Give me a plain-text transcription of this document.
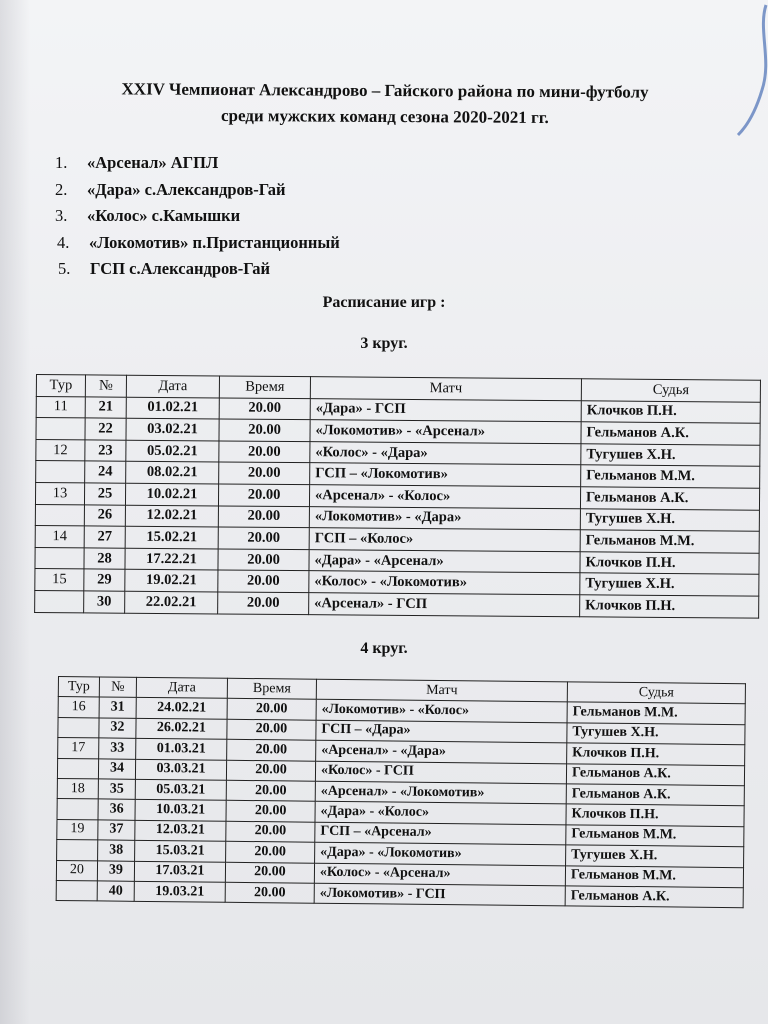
XXIV Чемпионат Александрово – Гайского района по мини-футболу
среди мужских команд сезона 2020-2021 гг.
1.	«Арсенал» АГПЛ
2.	«Дара» с.Александров-Гай
3.	«Колос» с.Камышки
4.	«Локомотив» п.Пристанционный
5.	ГСП с.Александров-Гай
Расписание игр :
3 круг.
Тур	№	Дата	Время	Матч	Судья
11	21	01.02.21	20.00	«Дара» - ГСП	Клочков П.Н.
	22	03.02.21	20.00	«Локомотив» - «Арсенал»	Гельманов А.К.
12	23	05.02.21	20.00	«Колос» - «Дара»	Тугушев Х.Н.
	24	08.02.21	20.00	ГСП – «Локомотив»	Гельманов М.М.
13	25	10.02.21	20.00	«Арсенал» - «Колос»	Гельманов А.К.
	26	12.02.21	20.00	«Локомотив» - «Дара»	Тугушев Х.Н.
14	27	15.02.21	20.00	ГСП – «Колос»	Гельманов М.М.
	28	17.22.21	20.00	«Дара» - «Арсенал»	Клочков П.Н.
15	29	19.02.21	20.00	«Колос» - «Локомотив»	Тугушев Х.Н.
	30	22.02.21	20.00	«Арсенал» - ГСП	Клочков П.Н.
4 круг.
Тур	№	Дата	Время	Матч	Судья
16	31	24.02.21	20.00	«Локомотив» - «Колос»	Гельманов М.М.
	32	26.02.21	20.00	ГСП – «Дара»	Тугушев Х.Н.
17	33	01.03.21	20.00	«Арсенал» - «Дара»	Клочков П.Н.
	34	03.03.21	20.00	«Колос» - ГСП	Гельманов А.К.
18	35	05.03.21	20.00	«Арсенал» - «Локомотив»	Гельманов А.К.
	36	10.03.21	20.00	«Дара» - «Колос»	Клочков П.Н.
19	37	12.03.21	20.00	ГСП – «Арсенал»	Гельманов М.М.
	38	15.03.21	20.00	«Дара» - «Локомотив»	Тугушев Х.Н.
20	39	17.03.21	20.00	«Колос» - «Арсенал»	Гельманов М.М.
	40	19.03.21	20.00	«Локомотив» - ГСП	Гельманов А.К.
